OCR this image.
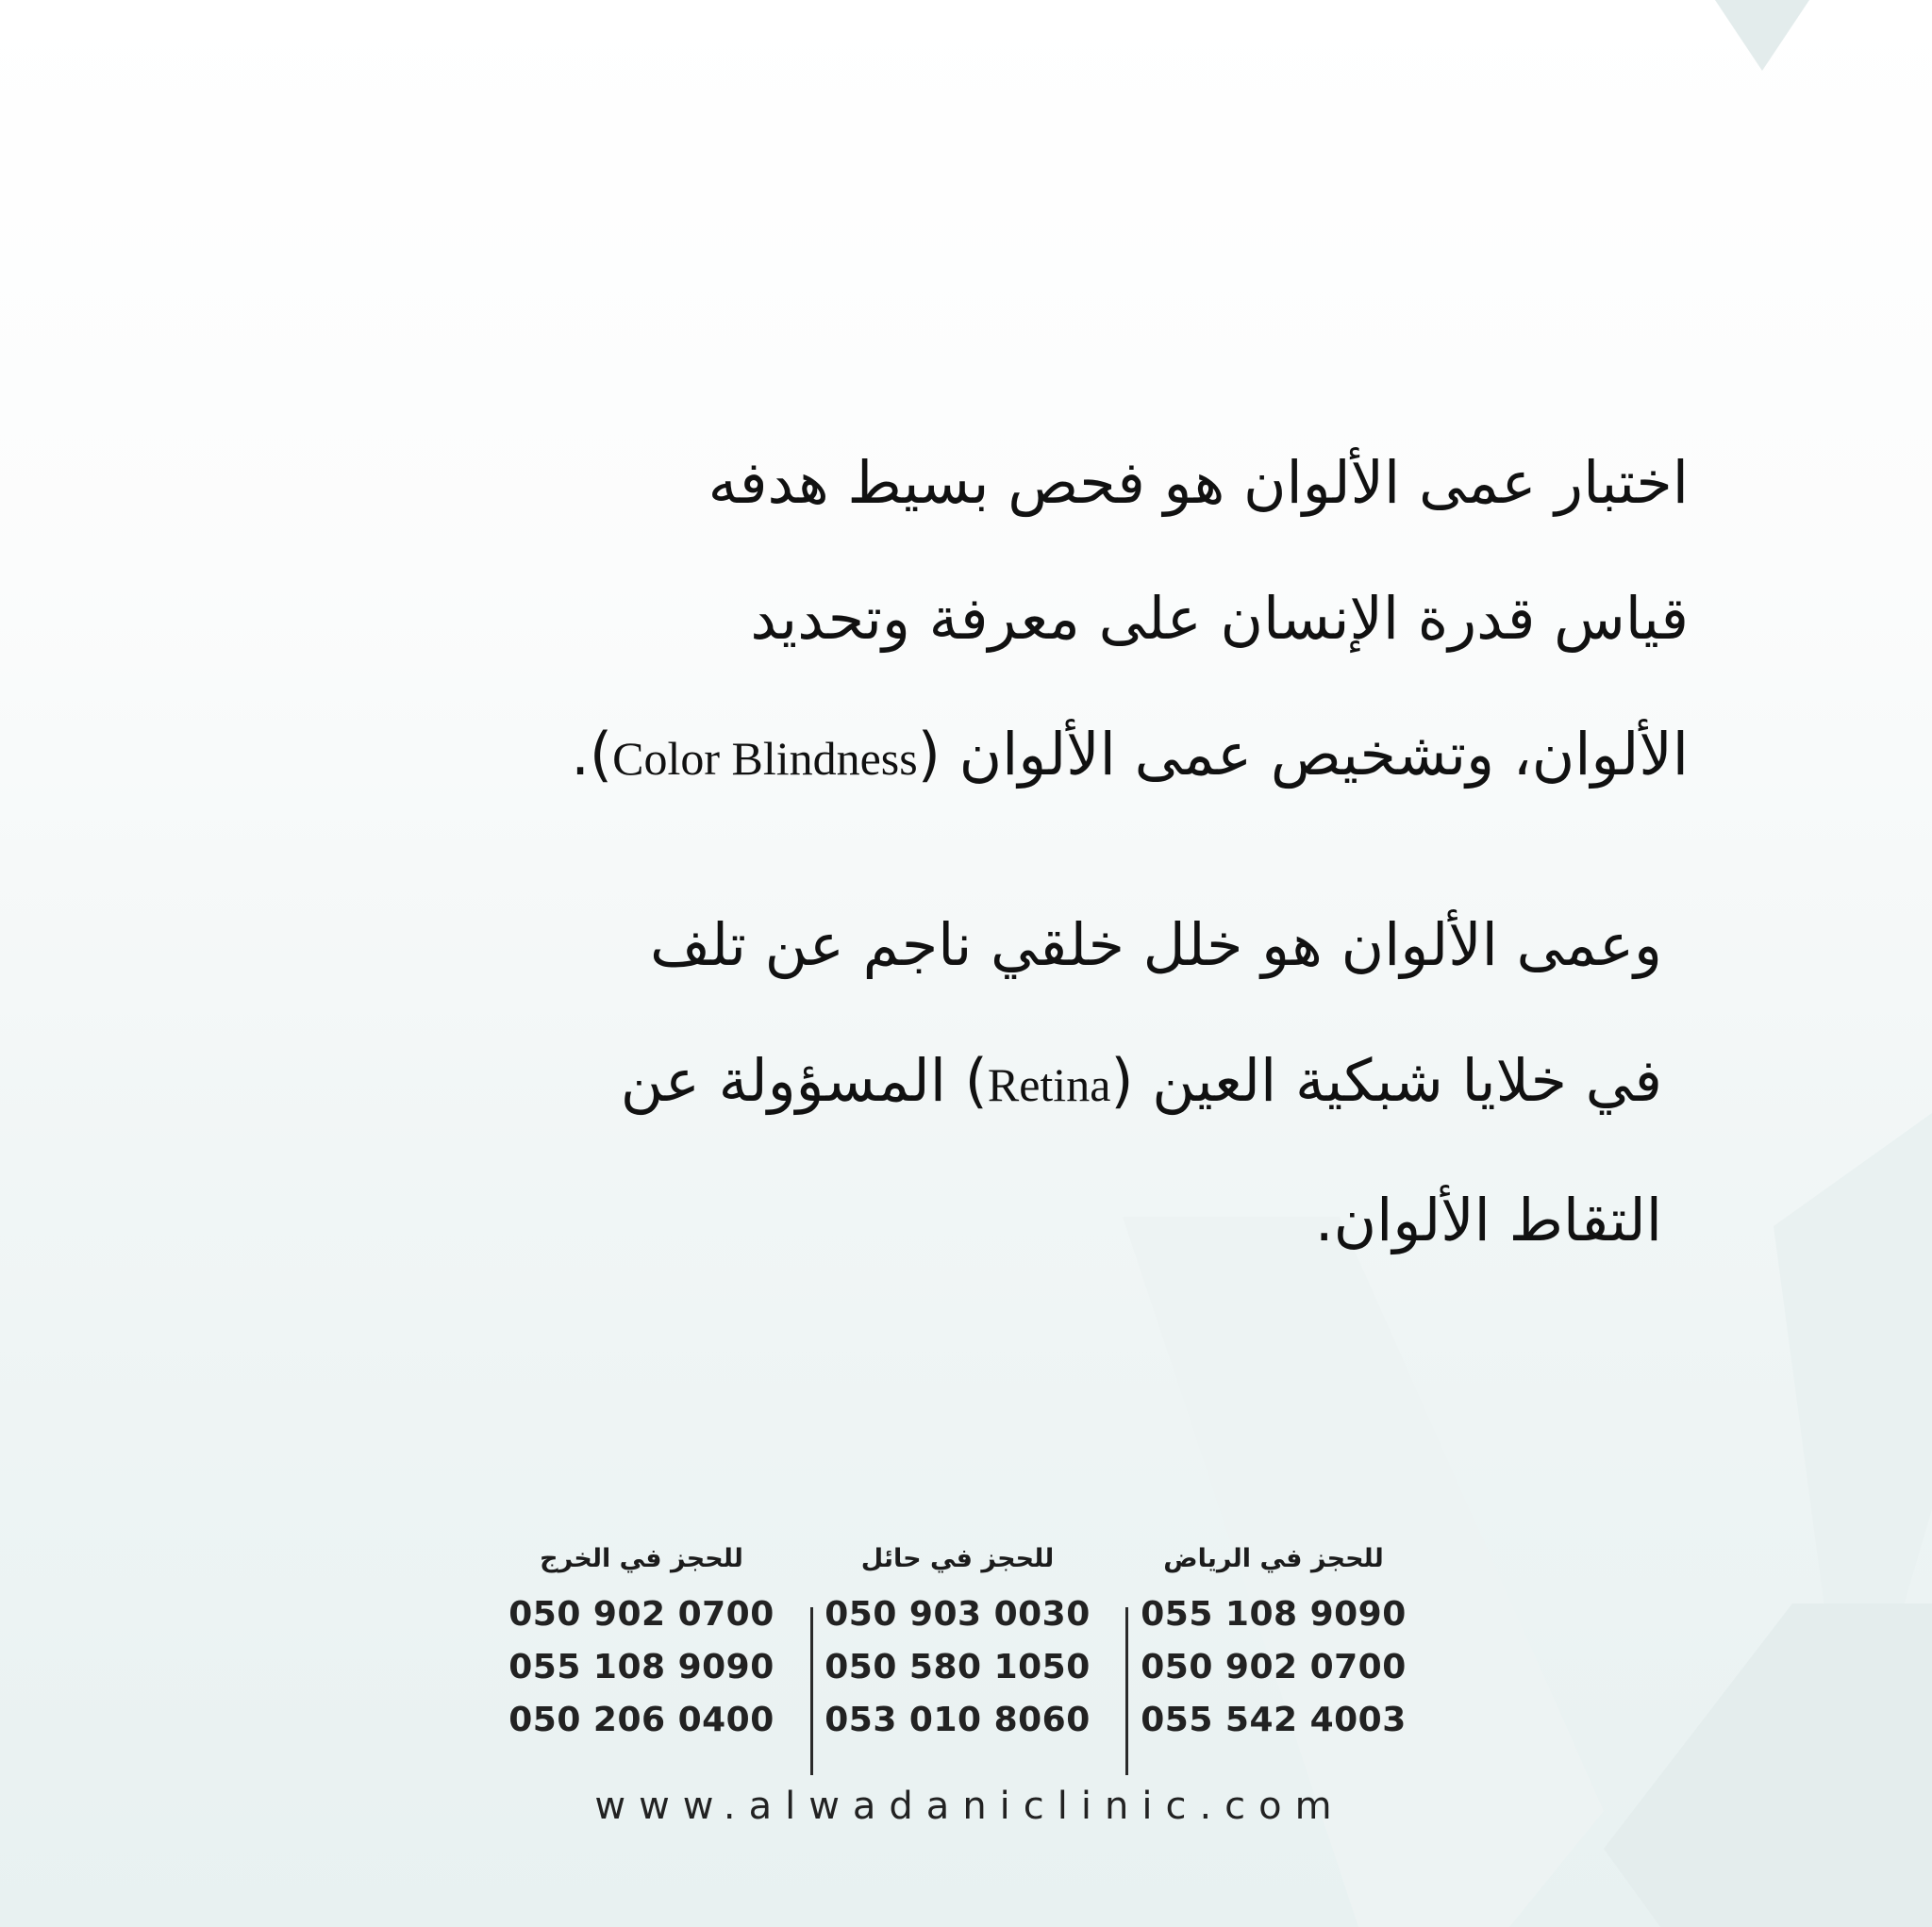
اختبار عمى الألوان هو فحص بسيط هدفه
قياس قدرة الإنسان على معرفة وتحديد
الألوان، وتشخيص عمى الألوان (Color Blindness).

وعمى الألوان هو خلل خلقي ناجم عن تلف
في خلايا شبكية العين (Retina) المسؤولة عن
التقاط الألوان.

للحجز في الرياض
055 108 9090
050 902 0700
055 542 4003
للحجز في حائل
050 903 0030
050 580 1050
053 010 8060
للحجز في الخرج
050 902 0700
055 108 9090
050 206 0400
www.alwadaniclinic.com
